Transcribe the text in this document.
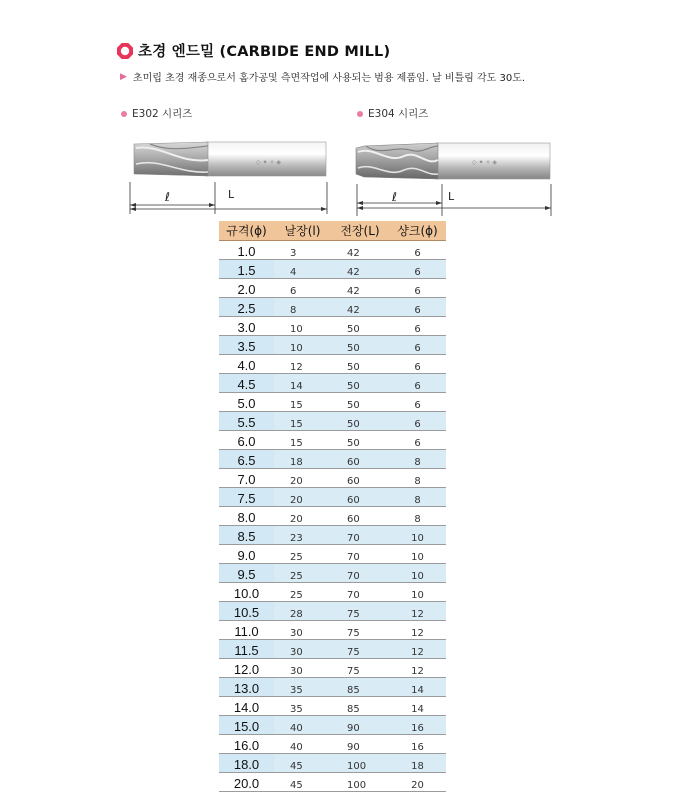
초경 엔드밀 (CARBIDE END MILL)
▶ 초미립 초경 재종으로서 홈가공및 측면작업에 사용되는 범용 제품임. 날 비틀림 각도 30도.
E302 시리즈	E304 시리즈
◇ ✦ ✧ ◈	◇ ✦ ✧ ◈
ℓ	L	ℓ	L
규격(ϕ)	날장(l)	전장(L)	샹크(ϕ)
1.0	3	42	6
1.5	4	42	6
2.0	6	42	6
2.5	8	42	6
3.0	10	50	6
3.5	10	50	6
4.0	12	50	6
4.5	14	50	6
5.0	15	50	6
5.5	15	50	6
6.0	15	50	6
6.5	18	60	8
7.0	20	60	8
7.5	20	60	8
8.0	20	60	8
8.5	23	70	10
9.0	25	70	10
9.5	25	70	10
10.0	25	70	10
10.5	28	75	12
11.0	30	75	12
11.5	30	75	12
12.0	30	75	12
13.0	35	85	14
14.0	35	85	14
15.0	40	90	16
16.0	40	90	16
18.0	45	100	18
20.0	45	100	20
